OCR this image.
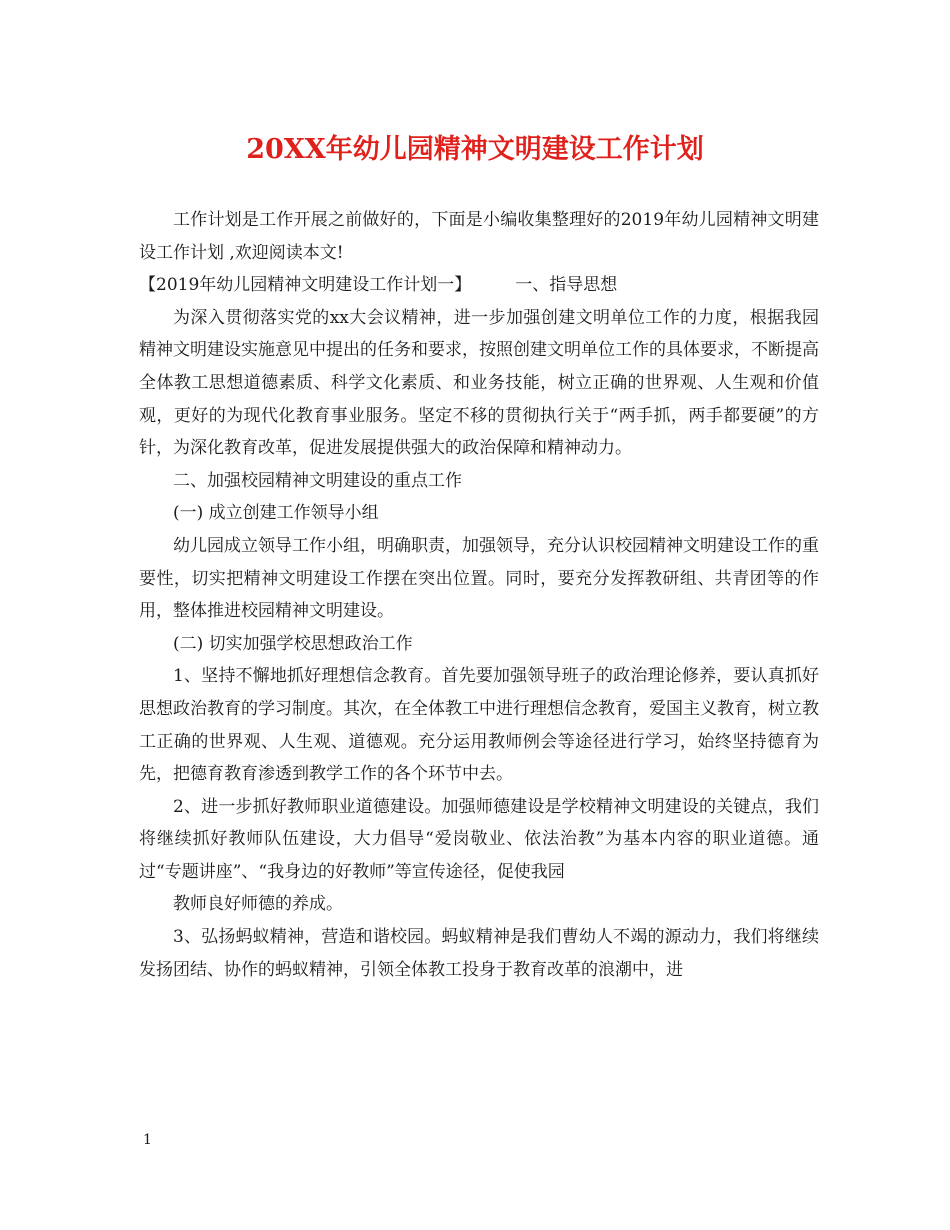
20XX年幼儿园精神文明建设工作计划

工作计划是工作开展之前做好的，下面是小编收集整理好的2019年幼儿园精神文明建设工作计划 ,欢迎阅读本文!

【2019年幼儿园精神文明建设工作计划一】	一、指导思想

为深入贯彻落实党的xx大会议精神，进一步加强创建文明单位工作的力度，根据我园精神文明建设实施意见中提出的任务和要求，按照创建文明单位工作的具体要求，不断提高全体教工思想道德素质、科学文化素质、和业务技能，树立正确的世界观、人生观和价值观，更好的为现代化教育事业服务。坚定不移的贯彻执行关于“两手抓，两手都要硬”的方针，为深化教育改革，促进发展提供强大的政治保障和精神动力。

二、加强校园精神文明建设的重点工作

(一) 成立创建工作领导小组

幼儿园成立领导工作小组，明确职责，加强领导，充分认识校园精神文明建设工作的重要性，切实把精神文明建设工作摆在突出位置。同时，要充分发挥教研组、共青团等的作用，整体推进校园精神文明建设。

(二) 切实加强学校思想政治工作

1、坚持不懈地抓好理想信念教育。首先要加强领导班子的政治理论修养，要认真抓好思想政治教育的学习制度。其次，在全体教工中进行理想信念教育，爱国主义教育，树立教工正确的世界观、人生观、道德观。充分运用教师例会等途径进行学习，始终坚持德育为先，把德育教育渗透到教学工作的各个环节中去。

2、进一步抓好教师职业道德建设。加强师德建设是学校精神文明建设的关键点，我们将继续抓好教师队伍建设，大力倡导“爱岗敬业、依法治教”为基本内容的职业道德。通过“专题讲座”、“我身边的好教师”等宣传途径，促使我园

教师良好师德的养成。

3、弘扬蚂蚁精神，营造和谐校园。蚂蚁精神是我们曹幼人不竭的源动力，我们将继续发扬团结、协作的蚂蚁精神，引领全体教工投身于教育改革的浪潮中，进

1
